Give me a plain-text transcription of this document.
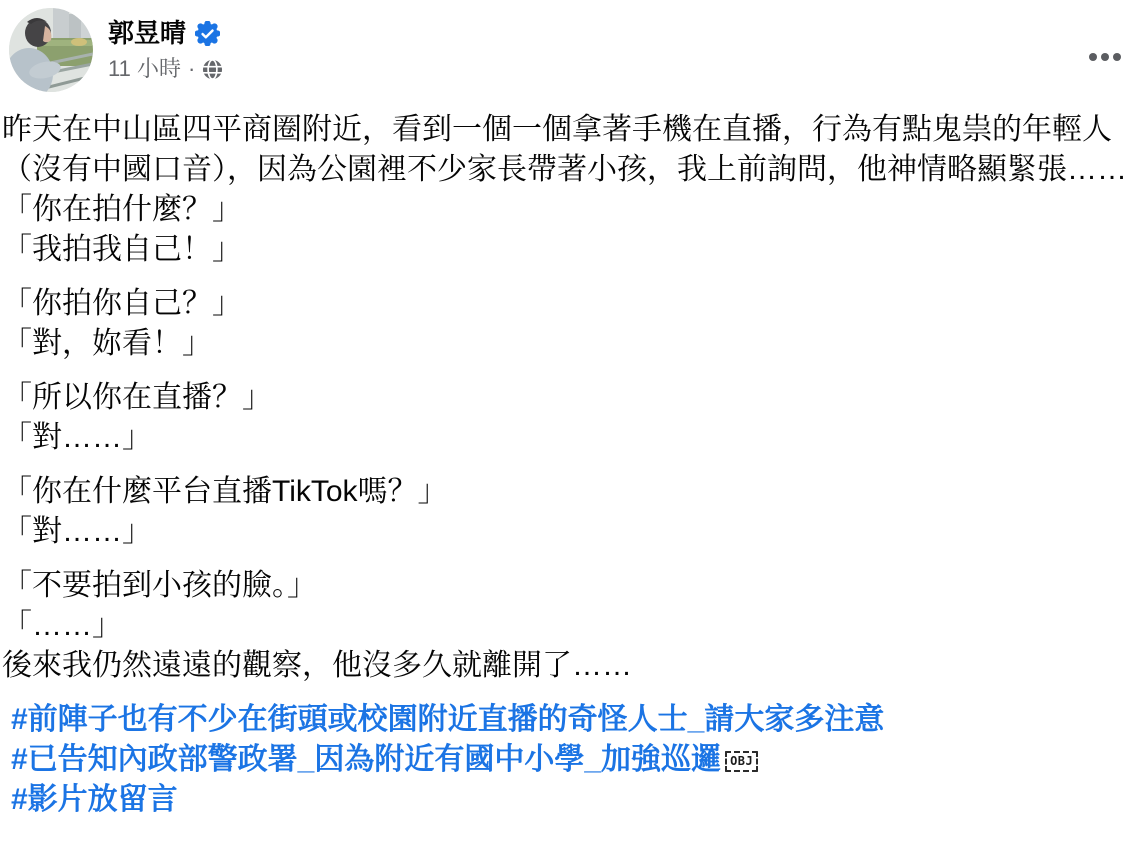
郭昱晴
11 小時 ·
昨天在中山區四平商圈附近，看到一個一個拿著手機在直播，行為有點鬼祟的年輕人
（沒有中國口音），因為公園裡不少家長帶著小孩，我上前詢問，他神情略顯緊張……
「你在拍什麼？」
「我拍我自己！」
「你拍你自己？」
「對，妳看！」
「所以你在直播？」
「對……」
「你在什麼平台直播TikTok嗎？」
「對……」
「不要拍到小孩的臉。」
「……」
後來我仍然遠遠的觀察，他沒多久就離開了……
#前陣子也有不少在街頭或校園附近直播的奇怪人士_請大家多注意
#已告知內政部警政署_因為附近有國中小學_加強巡邏 OBJ
#影片放留言
